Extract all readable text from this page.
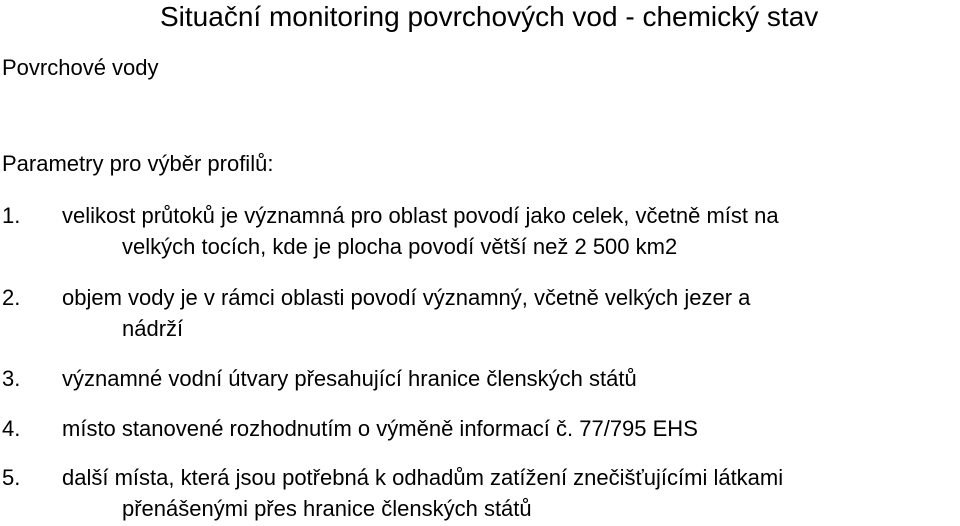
Situační monitoring povrchových vod - chemický stav
Povrchové vody
Parametry pro výběr profilů:
1. velikost průtoků je významná pro oblast povodí jako celek, včetně míst na
velkých tocích, kde je plocha povodí větší než 2 500 km2
2. objem vody je v rámci oblasti povodí významný, včetně velkých jezer a
nádrží
3. významné vodní útvary přesahující hranice členských států
4. místo stanovené rozhodnutím o výměně informací č. 77/795 EHS
5. další místa, která jsou potřebná k odhadům zatížení znečišťujícími látkami
přenášenými přes hranice členských států
